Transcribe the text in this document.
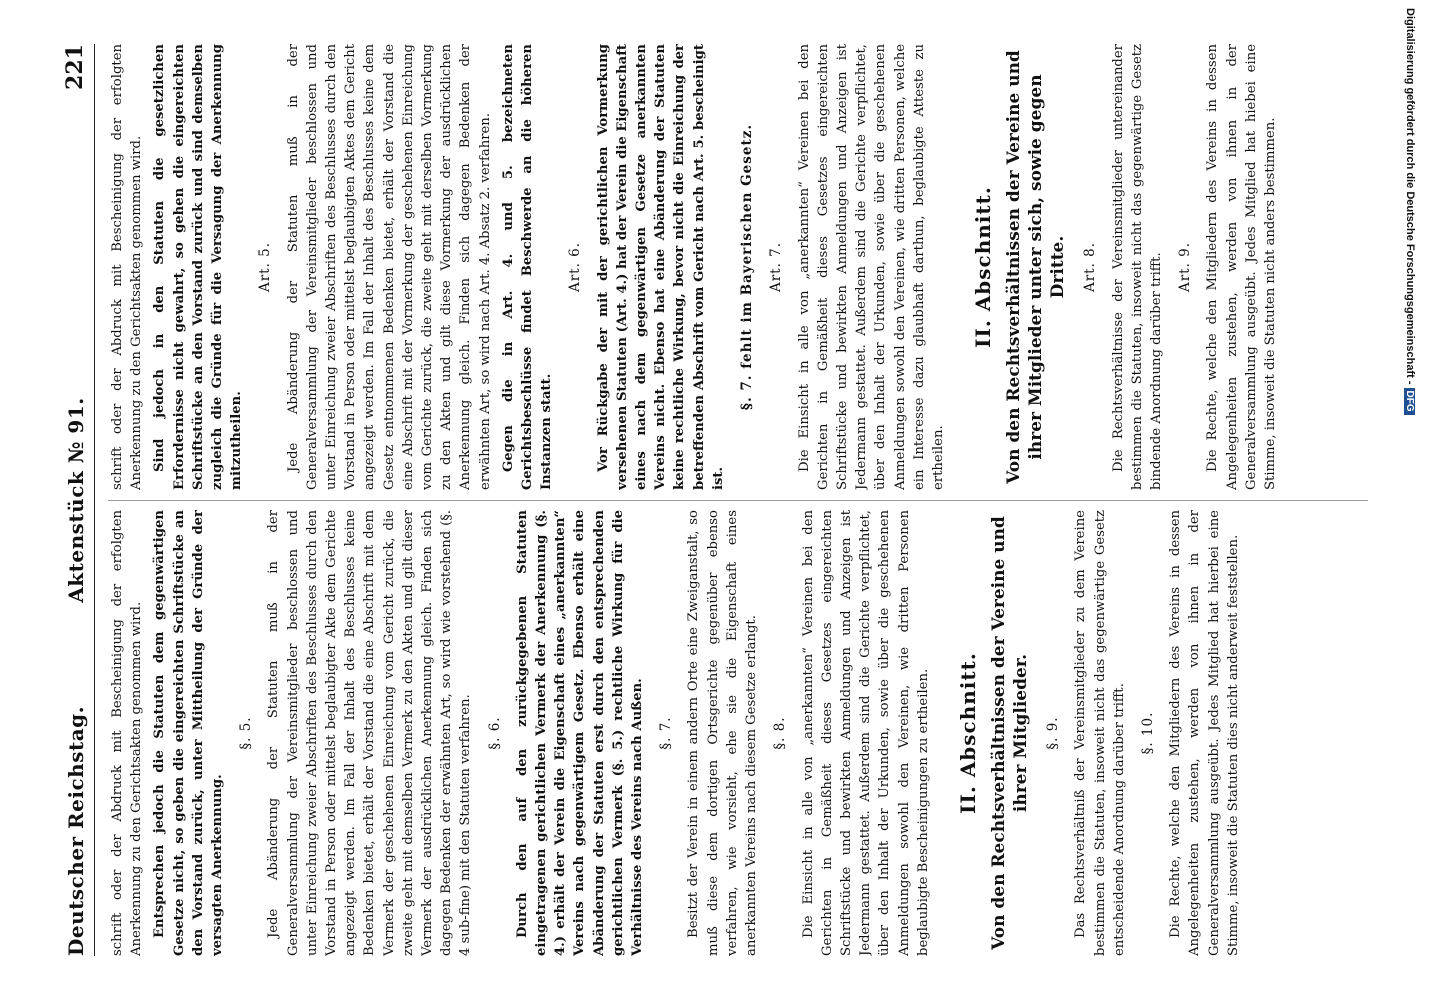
Deutscher Reichstag.
Aktenstück № 91.
221

schrift oder der Abdruck mit Bescheinigung der erfolgten Anerkennung zu den Gerichtsakten genommen wird. Entsprechen jedoch die Statuten dem gegenwärtigen Gesetze nicht, so geben die eingereichten Schriftstücke an den Vorstand zurück, unter Mittheilung der Gründe der versagten Anerkennung.

§. 5. Jede Abänderung der Statuten muß in der Generalversammlung der Vereinsmitglieder beschlossen und unter Einreichung zweier Abschriften des Beschlusses durch den Vorstand in Person oder mittelst beglaubigter Akte dem Gerichte angezeigt werden. Im Fall der Inhalt des Beschlusses keine Bedenken bietet, erhält der Vorstand die eine Abschrift mit dem Vermerk der geschehenen Einreichung vom Gericht zurück, die zweite geht mit demselben Vermerk zu den Akten und gilt dieser Vermerk der ausdrücklichen Anerkennung gleich. Finden sich dagegen Bedenken der erwähnten Art, so wird wie vorstehend (§. 4 sub-fine) mit den Statuten verfahren. §. 6. Durch den auf den zurückgegebenen Statuten eingetragenen gerichtlichen Vermerk der Anerkennung (§. 4.) erhält der Verein die Eigenschaft eines „anerkannten“ Vereins nach gegenwärtigem Gesetz. Ebenso erhält eine Abänderung der Statuten erst durch den entsprechenden gerichtlichen Vermerk (§. 5.) rechtliche Wirkung für die Verhältnisse des Vereins nach Außen. §. 7. Besitzt der Verein in einem andern Orte eine Zweiganstalt, so muß diese dem dortigen Ortsgerichte gegenüber ebenso verfahren, wie vorsieht, ehe sie die Eigenschaft eines anerkannten Vereins nach diesem Gesetze erlangt. §. 8. Die Einsicht in alle von „anerkannten“ Vereinen bei den Gerichten in Gemäßheit dieses Gesetzes eingereichten Schriftstücke und bewirkten Anmeldungen und Anzeigen ist Jedermann gestattet. Außerdem sind die Gerichte verpflichtet, über den Inhalt der Urkunden, sowie über die geschehenen Anmeldungen sowohl den Vereinen, wie dritten Personen beglaubigte Bescheinigungen zu ertheilen. II. Abschnitt. Von den Rechtsverhältnissen der Vereine und ihrer Mitglieder. §. 9. Das Rechtsverhältniß der Vereinsmitglieder zu dem Vereine bestimmen die Statuten, insoweit nicht das gegenwärtige Gesetz entscheidende Anordnung darüber trifft. §. 10. Die Rechte, welche den Mitgliedern des Vereins in dessen Angelegenheiten zustehen, werden von ihnen in der Generalversammlung ausgeübt. Jedes Mitglied hat hierbei eine Stimme, insoweit die Statuten dies nicht anderweit feststellen.

schrift oder der Abdruck mit Bescheinigung der erfolgten Anerkennung zu den Gerichtsakten genommen wird. Sind jedoch in den Statuten die gesetzlichen Erfordernisse nicht gewahrt, so gehen die eingereichten Schriftstücke an den Vorstand zurück und sind demselben zugleich die Gründe für die Versagung der Anerkennung mitzutheilen.

Art. 5. Jede Abänderung der Statuten muß in der Generalversammlung der Vereinsmitglieder beschlossen und unter Einreichung zweier Abschriften des Beschlusses durch den Vorstand in Person oder mittelst beglaubigten Aktes dem Gericht angezeigt werden. Im Fall der Inhalt des Beschlusses keine dem Gesetz entnommenen Bedenken bietet, erhält der Vorstand die eine Abschrift mit der Vormerkung der geschehenen Einreichung vom Gerichte zurück, die zweite geht mit derselben Vormerkung zu den Akten und gilt diese Vormerkung der ausdrücklichen Anerkennung gleich. Finden sich dagegen Bedenken der erwähnten Art, so wird nach Art. 4. Absatz 2. verfahren. Gegen die in Art. 4. und 5. bezeichneten Gerichtsbeschlüsse findet Beschwerde an die höheren Instanzen statt.

Art. 6. Vor Rückgabe der mit der gerichtlichen Vormerkung versehenen Statuten (Art. 4.) hat der Verein die Eigenschaft eines nach dem gegenwärtigen Gesetze anerkannten Vereins nicht. Ebenso hat eine Abänderung der Statuten keine rechtliche Wirkung, bevor nicht die Einreichung der betreffenden Abschrift vom Gericht nach Art. 5. bescheinigt ist.

§. 7. fehlt im Bayerischen Gesetz. Art. 7. Die Einsicht in alle von „anerkannten“ Vereinen bei den Gerichten in Gemäßheit dieses Gesetzes eingereichten Schriftstücke und bewirkten Anmeldungen und Anzeigen ist Jedermann gestattet. Außerdem sind die Gerichte verpflichtet, über den Inhalt der Urkunden, sowie über die geschehenen Anmeldungen sowohl den Vereinen, wie dritten Personen, welche ein Interesse dazu glaubhaft darthun, beglaubigte Atteste zu ertheilen.

II. Abschnitt. Von den Rechtsverhältnissen der Vereine und ihrer Mitglieder unter sich, sowie gegen Dritte. Art. 8. Die Rechtsverhältnisse der Vereinsmitglieder untereinander bestimmen die Statuten, insoweit nicht das gegenwärtige Gesetz bindende Anordnung darüber trifft. Art. 9. Die Rechte, welche den Mitgliedern des Vereins in dessen Angelegenheiten zustehen, werden von ihnen in der Generalversammlung ausgeübt. Jedes Mitglied hat hiebei eine Stimme, insoweit die Statuten nicht anders bestimmen.	Digitalisierung gefördert durch die Deutsche Forschungsgemeinschaft -DFG
